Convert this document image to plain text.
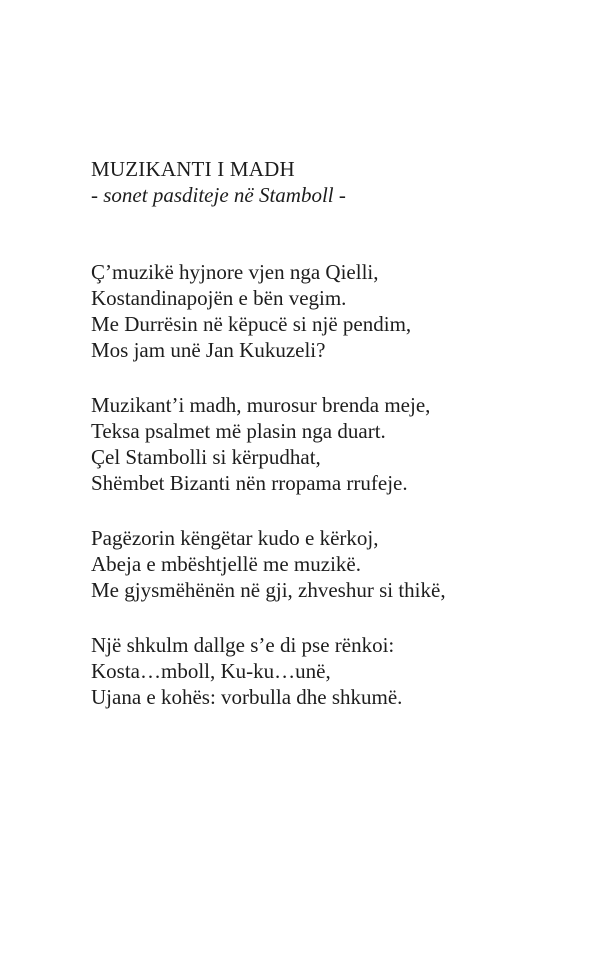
MUZIKANTI I MADH
- sonet pasditeje në Stamboll -
Ç’muzikë hyjnore vjen nga Qielli,
Kostandinapojën e bën vegim.
Me Durrësin në këpucë si një pendim,
Mos jam unë Jan Kukuzeli?
Muzikant’i madh, murosur brenda meje,
Teksa psalmet më plasin nga duart.
Çel Stambolli si kërpudhat,
Shëmbet Bizanti nën rropama rrufeje.
Pagëzorin këngëtar kudo e kërkoj,
Abeja e mbështjellë me muzikë.
Me gjysmëhënën në gji, zhveshur si thikë,
Një shkulm dallge s’e di pse rënkoi:
Kosta…mboll, Ku-ku…unë,
Ujana e kohës: vorbulla dhe shkumë.
